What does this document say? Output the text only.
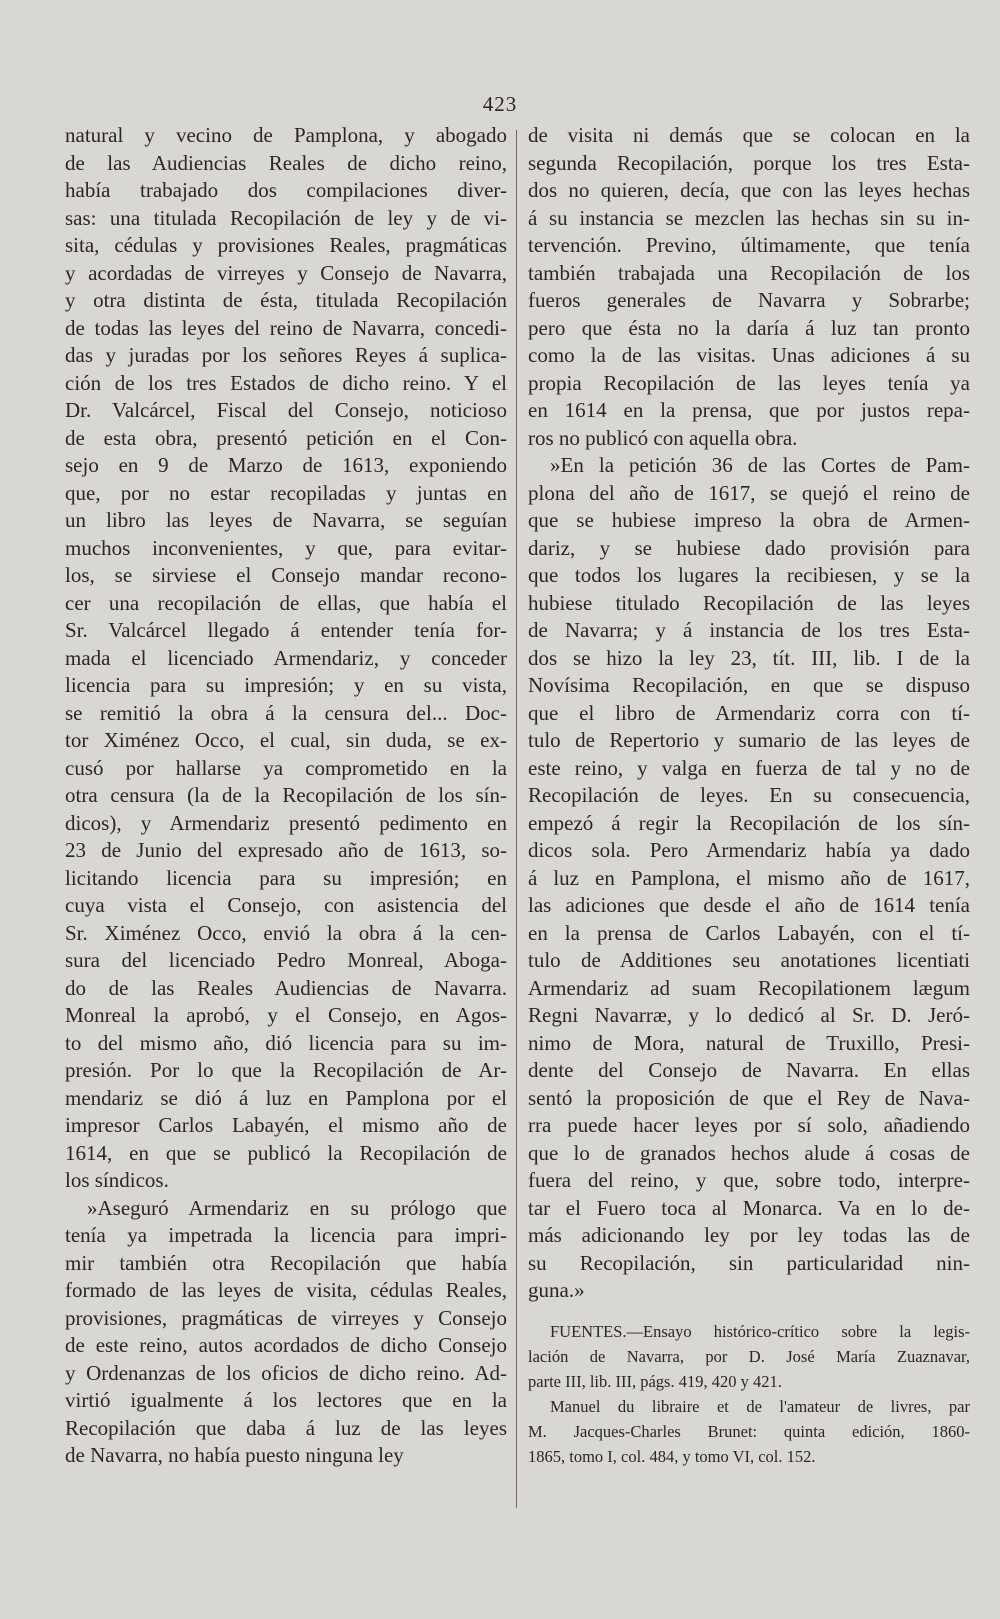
423
natural y vecino de Pamplona, y abogado
de las Audiencias Reales de dicho reino,
había trabajado dos compilaciones diver-
sas: una titulada Recopilación de ley y de vi-
sita, cédulas y provisiones Reales, pragmáticas
y acordadas de virreyes y Consejo de Navarra,
y otra distinta de ésta, titulada Recopilación
de todas las leyes del reino de Navarra, concedi-
das y juradas por los señores Reyes á suplica-
ción de los tres Estados de dicho reino. Y el
Dr. Valcárcel, Fiscal del Consejo, noticioso
de esta obra, presentó petición en el Con-
sejo en 9 de Marzo de 1613, exponiendo
que, por no estar recopiladas y juntas en
un libro las leyes de Navarra, se seguían
muchos inconvenientes, y que, para evitar-
los, se sirviese el Consejo mandar recono-
cer una recopilación de ellas, que había el
Sr. Valcárcel llegado á entender tenía for-
mada el licenciado Armendariz, y conceder
licencia para su impresión; y en su vista,
se remitió la obra á la censura del... Doc-
tor Ximénez Occo, el cual, sin duda, se ex-
cusó por hallarse ya comprometido en la
otra censura (la de la Recopilación de los sín-
dicos), y Armendariz presentó pedimento en
23 de Junio del expresado año de 1613, so-
licitando licencia para su impresión; en
cuya vista el Consejo, con asistencia del
Sr. Ximénez Occo, envió la obra á la cen-
sura del licenciado Pedro Monreal, Aboga-
do de las Reales Audiencias de Navarra.
Monreal la aprobó, y el Consejo, en Agos-
to del mismo año, dió licencia para su im-
presión. Por lo que la Recopilación de Ar-
mendariz se dió á luz en Pamplona por el
impresor Carlos Labayén, el mismo año de
1614, en que se publicó la Recopilación de
los síndicos.
»Aseguró Armendariz en su prólogo que
tenía ya impetrada la licencia para impri-
mir también otra Recopilación que había
formado de las leyes de visita, cédulas Reales,
provisiones, pragmáticas de virreyes y Consejo
de este reino, autos acordados de dicho Consejo
y Ordenanzas de los oficios de dicho reino. Ad-
virtió igualmente á los lectores que en la
Recopilación que daba á luz de las leyes
de Navarra, no había puesto ninguna ley
de visita ni demás que se colocan en la
segunda Recopilación, porque los tres Esta-
dos no quieren, decía, que con las leyes hechas
á su instancia se mezclen las hechas sin su in-
tervención. Previno, últimamente, que tenía
también trabajada una Recopilación de los
fueros generales de Navarra y Sobrarbe;
pero que ésta no la daría á luz tan pronto
como la de las visitas. Unas adiciones á su
propia Recopilación de las leyes tenía ya
en 1614 en la prensa, que por justos repa-
ros no publicó con aquella obra.
»En la petición 36 de las Cortes de Pam-
plona del año de 1617, se quejó el reino de
que se hubiese impreso la obra de Armen-
dariz, y se hubiese dado provisión para
que todos los lugares la recibiesen, y se la
hubiese titulado Recopilación de las leyes
de Navarra; y á instancia de los tres Esta-
dos se hizo la ley 23, tít. III, lib. I de la
Novísima Recopilación, en que se dispuso
que el libro de Armendariz corra con tí-
tulo de Repertorio y sumario de las leyes de
este reino, y valga en fuerza de tal y no de
Recopilación de leyes. En su consecuencia,
empezó á regir la Recopilación de los sín-
dicos sola. Pero Armendariz había ya dado
á luz en Pamplona, el mismo año de 1617,
las adiciones que desde el año de 1614 tenía
en la prensa de Carlos Labayén, con el tí-
tulo de Additiones seu anotationes licentiati
Armendariz ad suam Recopilationem lægum
Regni Navarræ, y lo dedicó al Sr. D. Jeró-
nimo de Mora, natural de Truxillo, Presi-
dente del Consejo de Navarra. En ellas
sentó la proposición de que el Rey de Nava-
rra puede hacer leyes por sí solo, añadiendo
que lo de granados hechos alude á cosas de
fuera del reino, y que, sobre todo, interpre-
tar el Fuero toca al Monarca. Va en lo de-
más adicionando ley por ley todas las de
su Recopilación, sin particularidad nin-
guna.»
FUENTES.—Ensayo histórico-crítico sobre la legis-
lación de Navarra, por D. José María Zuaznavar,
parte III, lib. III, págs. 419, 420 y 421.
Manuel du libraire et de l'amateur de livres, par
M. Jacques-Charles Brunet: quinta edición, 1860-
1865, tomo I, col. 484, y tomo VI, col. 152.
